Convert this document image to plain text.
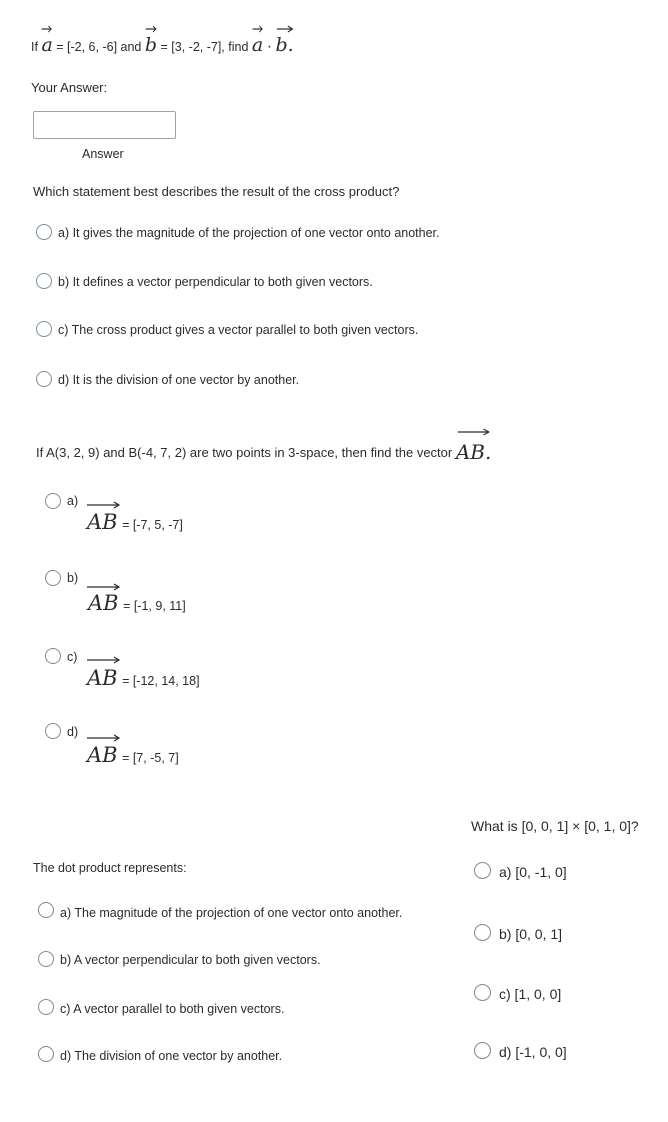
If a = [-2, 6, -6] and b = [3, -2, -7], find a · b.
Your Answer:
Answer
Which statement best describes the result of the cross product?
a) It gives the magnitude of the projection of one vector onto another.
b) It defines a vector perpendicular to both given vectors.
c) The cross product gives a vector parallel to both given vectors.
d) It is the division of one vector by another.
If A(3, 2, 9) and B(-4, 7, 2) are two points in 3-space, then find the vector AB.
a)
AB = [-7, 5, -7]
b)
AB = [-1, 9, 11]
c)
AB = [-12, 14, 18]
d)
AB = [7, -5, 7]
The dot product represents:
a) The magnitude of the projection of one vector onto another.
b) A vector perpendicular to both given vectors.
c) A vector parallel to both given vectors.
d) The division of one vector by another.
What is [0, 0, 1] × [0, 1, 0]?
a) [0, -1, 0]
b) [0, 0, 1]
c) [1, 0, 0]
d) [-1, 0, 0]
